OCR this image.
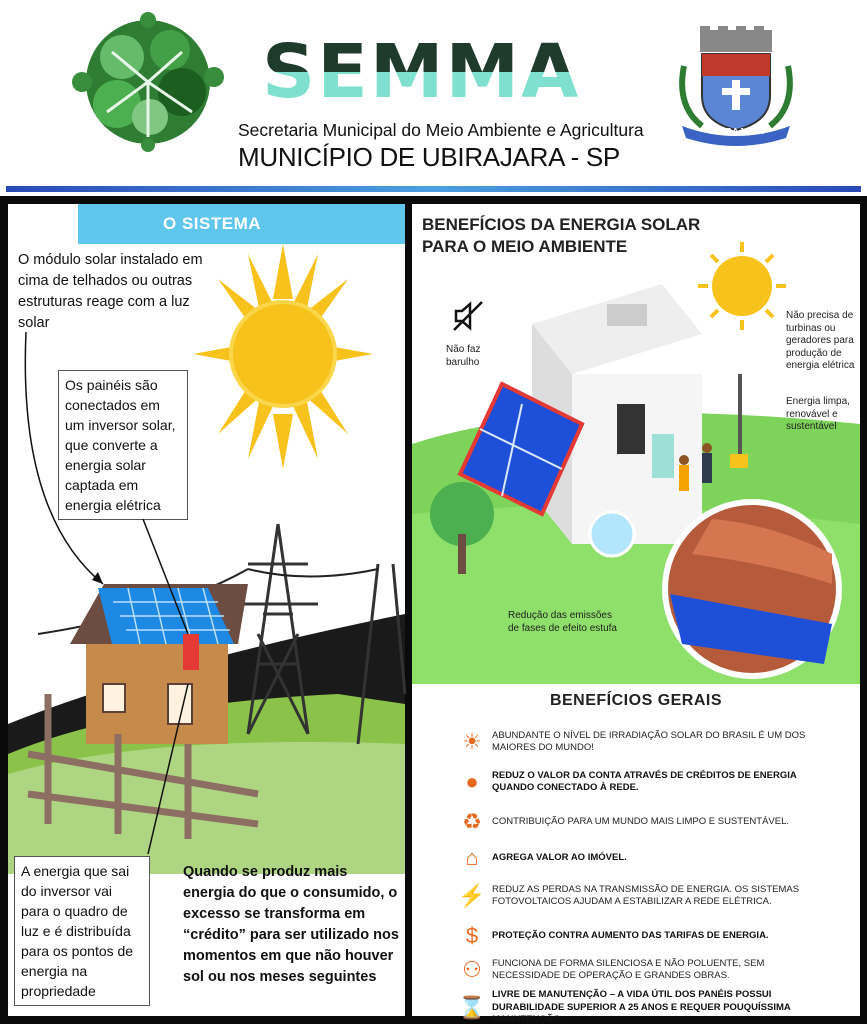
SEMMA
Secretaria Municipal do Meio Ambiente e Agricultura
MUNICÍPIO DE UBIRAJARA - SP
UBIRAJARA
O SISTEMA
O módulo solar instalado em cima de telhados ou outras estruturas reage com a luz solar
Os painéis são conectados em um inversor solar, que converte a energia solar captada em energia elétrica
A energia que sai do inversor vai para o quadro de luz e é distribuída para os pontos de energia na propriedade
Quando se produz mais energia do que o consumido, o excesso se transforma em “crédito” para ser utilizado nos momentos em que não houver sol ou nos meses seguintes
BENEFÍCIOS DA ENERGIA SOLAR
PARA O MEIO AMBIENTE
Não faz barulho
Não precisa de turbinas ou geradores para produção de energia elétrica
Energia limpa, renovável e sustentável
Redução das emissões de fases de efeito estufa
BENEFÍCIOS GERAIS
☀	ABUNDANTE O NÍVEL DE IRRADIAÇÃO SOLAR DO BRASIL É UM DOS MAIORES DO MUNDO!
●	REDUZ O VALOR DA CONTA ATRAVÉS DE CRÉDITOS DE ENERGIA QUANDO CONECTADO À REDE.
♻	CONTRIBUIÇÃO PARA UM MUNDO MAIS LIMPO E SUSTENTÁVEL.
⌂	AGREGA VALOR AO IMÓVEL.
⚡ REDUZ AS PERDAS NA TRANSMISSÃO DE ENERGIA. OS SISTEMAS FOTOVOLTAICOS AJUDAM A ESTABILIZAR A REDE ELÉTRICA.
$	PROTEÇÃO CONTRA AUMENTO DAS TARIFAS DE ENERGIA.
⚇	FUNCIONA DE FORMA SILENCIOSA E NÃO POLUENTE, SEM NECESSIDADE DE OPERAÇÃO E GRANDES OBRAS.
⌛
LIVRE DE MANUTENÇÃO – A VIDA ÚTIL DOS PANÉIS POSSUI DURABILIDADE SUPERIOR A 25 ANOS E REQUER POUQUÍSSIMA MANUTENÇÃO.
